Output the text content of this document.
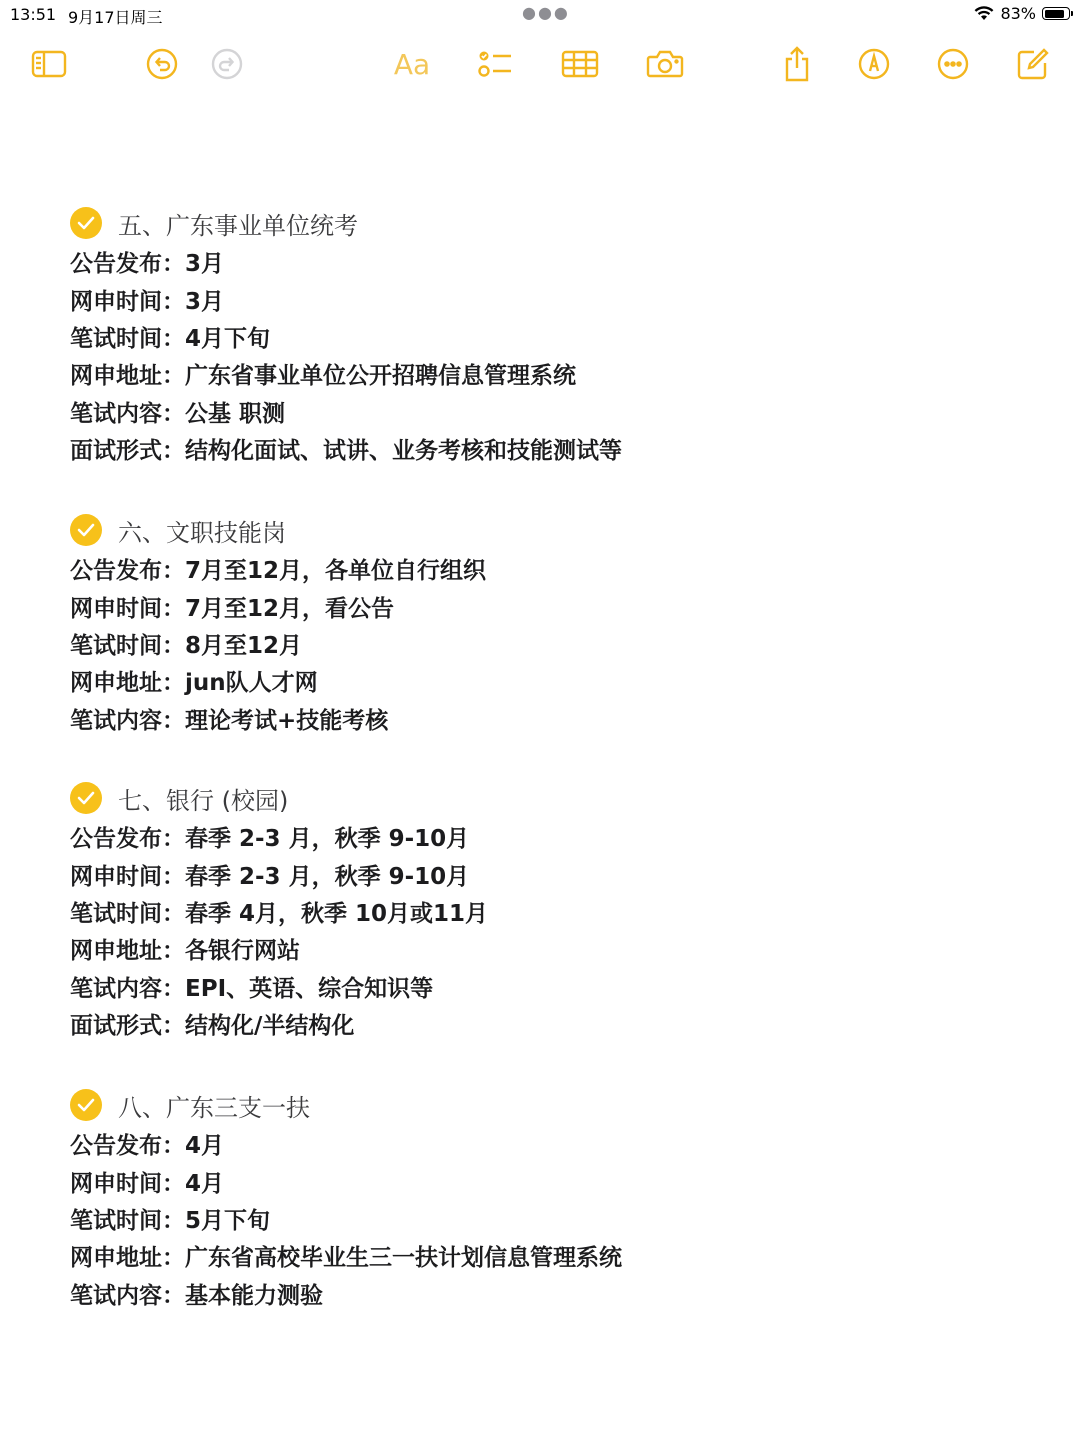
13:51 9月17日周三	●●●	83%
Aa
五、广东事业单位统考
公告发布： 3月
网申时间： 3月
笔试时间： 4月下旬
网申地址： 广东省事业单位公开招聘信息管理系统
笔试内容： 公基 职测
面试形式： 结构化面试、试讲、业务考核和技能测试等
六、文职技能岗
公告发布： 7月至12月，各单位自行组织
网申时间： 7月至12月，看公告
笔试时间： 8月至12月
网申地址： jun队人才网
笔试内容： 理论考试+技能考核
七、银行 (校园)
公告发布： 春季 2-3 月，秋季 9-10月
网申时间： 春季 2-3 月，秋季 9-10月
笔试时间： 春季 4月，秋季 10月或11月
网申地址： 各银行网站
笔试内容： EPI、英语、综合知识等
面试形式： 结构化/半结构化
八、广东三支一扶
公告发布： 4月
网申时间： 4月
笔试时间： 5月下旬
网申地址： 广东省高校毕业生三一扶计划信息管理系统
笔试内容： 基本能力测验
